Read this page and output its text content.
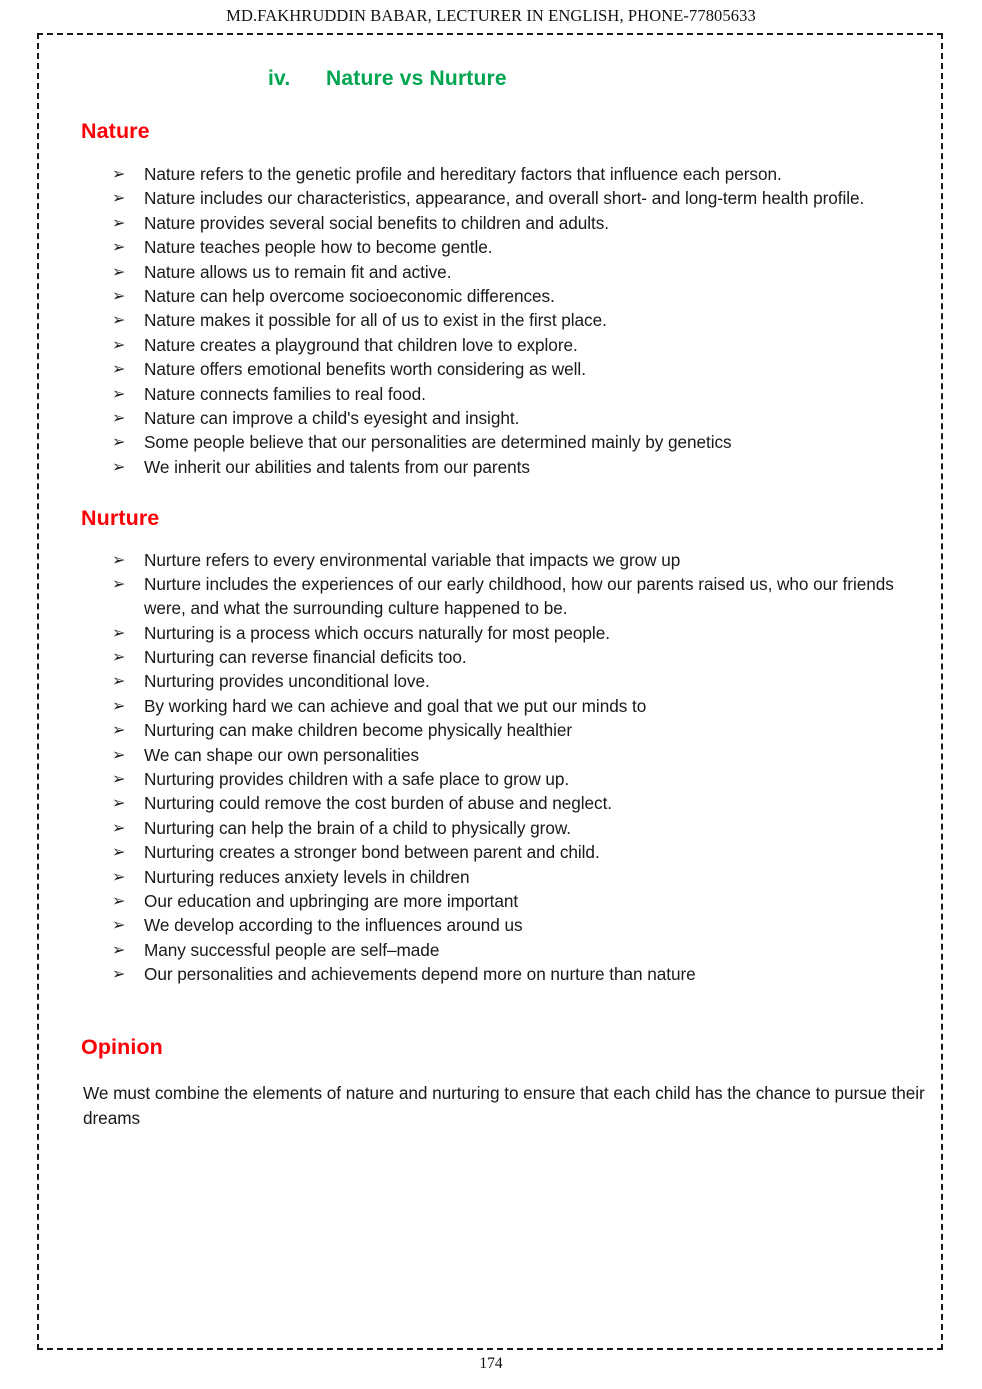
MD.FAKHRUDDIN BABAR, LECTURER IN ENGLISH, PHONE-77805633
iv. Nature vs Nurture
Nature
➢ Nature refers to the genetic profile and hereditary factors that influence each person.
➢ Nature includes our characteristics, appearance, and overall short- and long-term health profile.
➢ Nature provides several social benefits to children and adults.
➢ Nature teaches people how to become gentle.
➢ Nature allows us to remain fit and active.
➢ Nature can help overcome socioeconomic differences.
➢ Nature makes it possible for all of us to exist in the first place.
➢ Nature creates a playground that children love to explore.
➢ Nature offers emotional benefits worth considering as well.
➢ Nature connects families to real food.
➢ Nature can improve a child's eyesight and insight.
➢ Some people believe that our personalities are determined mainly by genetics
➢ We inherit our abilities and talents from our parents
Nurture
➢ Nurture refers to every environmental variable that impacts we grow up
➢ Nurture includes the experiences of our early childhood, how our parents raised us, who our friends were, and what the surrounding culture happened to be.
➢ Nurturing is a process which occurs naturally for most people.
➢ Nurturing can reverse financial deficits too.
➢ Nurturing provides unconditional love.
➢ By working hard we can achieve and goal that we put our minds to
➢ Nurturing can make children become physically healthier
➢ We can shape our own personalities
➢ Nurturing provides children with a safe place to grow up.
➢ Nurturing could remove the cost burden of abuse and neglect.
➢ Nurturing can help the brain of a child to physically grow.
➢ Nurturing creates a stronger bond between parent and child.
➢ Nurturing reduces anxiety levels in children
➢ Our education and upbringing are more important
➢ We develop according to the influences around us
➢ Many successful people are self–made
➢ Our personalities and achievements depend more on nurture than nature
Opinion

We must combine the elements of nature and nurturing to ensure that each child has the chance to pursue their dreams

174
